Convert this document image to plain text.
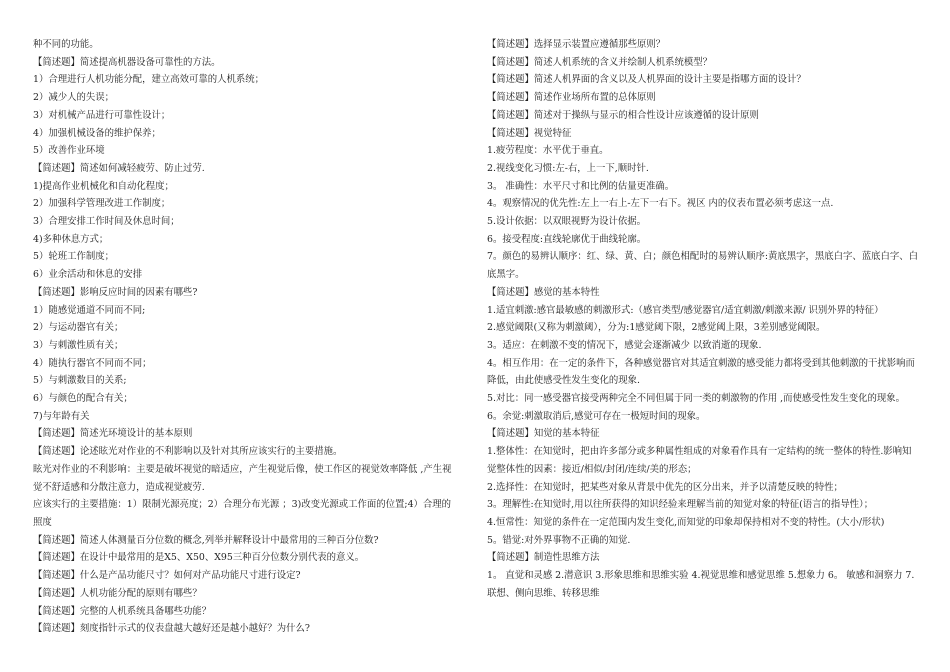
种不同的功能。

【简述题】简述提高机器设备可靠性的方法。

1）合理进行人机功能分配，建立高效可靠的人机系统；

2）减少人的失误；

3）对机械产品进行可靠性设计；

4）加强机械设备的维护保养；

5）改善作业环境

【简述题】简述如何减轻疲劳、防止过劳.

1)提高作业机械化和自动化程度；

2）加强科学管理改进工作制度；

3）合理安排工作时间及休息时间；

4)多种休息方式；

5）轮班工作制度；

6）业余活动和休息的安排

【简述题】影响反应时间的因素有哪些?

1）随感觉通道不同而不同;

2）与运动器官有关；

3）与刺激性质有关；

4）随执行器官不同而不同；

5）与刺激数目的关系;

6）与颜色的配合有关；

7)与年龄有关

【简述题】简述光环境设计的基本原则

【简述题】论述眩光对作业的不利影响以及针对其所应该实行的主要措施。

眩光对作业的不利影响：主要是破坏视觉的暗适应，产生视觉后像，使工作区的视觉效率降低 ,产生视觉不舒适感和分散注意力，造成视觉疲劳.

应该实行的主要措施：1）限制光源亮度；2）合理分布光源 ；3)改变光源或工作面的位置;4）合理的照度

【简述题】简述人体测量百分位数的概念,列举并解释设计中最常用的三种百分位数?

【简述题】在设计中最常用的是X5、X50、X95三种百分位数分别代表的意义。

【简述题】什么是产品功能尺寸？如何对产品功能尺寸进行设定?

【简述题】人机功能分配的原则有哪些？

【简述题】完整的人机系统具备哪些功能？

【简述题】刻度指针示式的仪表盘越大越好还是越小越好？为什么?

【简述题】选择显示装置应遵循那些原则？

【简述题】简述人机系统的含义并绘制人机系统模型？

【简述题】简述人机界面的含义以及人机界面的设计主要是指哪方面的设计？

【简述题】简述作业场所布置的总体原则

【简述题】简述对于操纵与显示的相合性设计应该遵循的设计原则

【简述题】视觉特征

1.疲劳程度：水平优于垂直。

2.视线变化习惯:左-右，上一下,顺时针.

3。 准确性：水平尺寸和比例的估量更准确。

4。观察情况的优先性:左上一右上-左下一右下。视区 内的仪表布置必须考虑这一点.

5.设计依据：以双眼视野为设计依据。

6。接受程度:直线轮廓优于曲线轮廓。

7。颜色的易辨认顺序：红、绿、黄、白；颜色相配时的易辨认顺序:黄底黑字，黑底白字、蓝底白字、白底黑字。

【简述题】感觉的基本特性

1.适宜刺激:感官最敏感的刺激形式:（感官类型/感觉器官/适宜刺激/刺激来源/ 识别外界的特征）

2.感觉阈限(又称为刺激阈），分为:1感觉阈下限，2感觉阈上限，3差别感觉阈限。

3。适应：在刺激不变的情况下，感觉会逐渐减少 以致消逝的现象.

4。相互作用：在一定的条件下，各种感觉器官对其适宜刺激的感受能力都将受到其他刺激的干扰影响而降低，由此使感受性发生变化的现象.

5.对比：同一感受器官接受两种完全不同但属于同一类的刺激物的作用 ,而使感受性发生变化的现象。

6。余觉:刺激取消后,感觉可存在一极短时间的现象。

【简述题】知觉的基本特征

1.整体性：在知觉时，把由许多部分或多种属性组成的对象看作具有一定结构的统一整体的特性.影响知觉整体性的因素：接近/相似/封闭/连续/美的形态；

2.选择性：在知觉时，把某些对象从背景中优先的区分出来，并予以清楚反映的特性；

3。理解性:在知觉时,用以往所获得的知识经验来理解当前的知觉对象的特征(语言的指导性）；

4.恒常性：知觉的条件在一定范围内发生变化,而知觉的印象却保持相对不变的特性。(大小/形状)

5。错觉:对外界事物不正确的知觉.

【简述题】制造性思维方法

1。 直觉和灵感 2.潜意识 3.形象思维和思维实验 4.视觉思维和感觉思维 5.想象力 6。 敏感和洞察力 7.联想、侧向思维、转移思维
